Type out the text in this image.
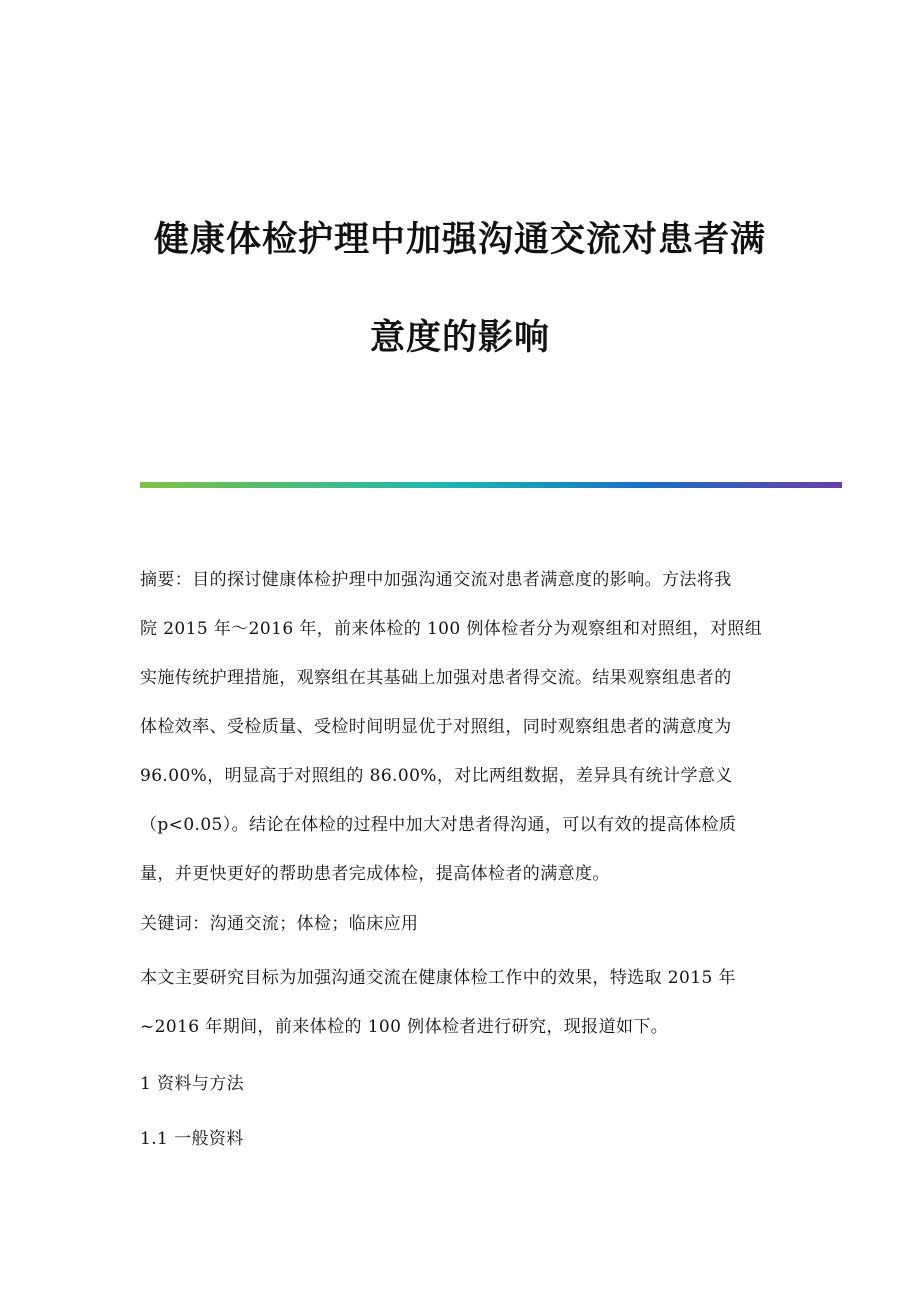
健康体检护理中加强沟通交流对患者满
意度的影响
摘要：目的探讨健康体检护理中加强沟通交流对患者满意度的影响。方法将我
院 2015 年～2016 年，前来体检的 100 例体检者分为观察组和对照组，对照组
实施传统护理措施，观察组在其基础上加强对患者得交流。结果观察组患者的
体检效率、受检质量、受检时间明显优于对照组，同时观察组患者的满意度为
96.00%，明显高于对照组的 86.00%，对比两组数据，差异具有统计学意义
（p<0.05）。结论在体检的过程中加大对患者得沟通，可以有效的提高体检质
量，并更快更好的帮助患者完成体检，提高体检者的满意度。
关键词：沟通交流；体检；临床应用
本文主要研究目标为加强沟通交流在健康体检工作中的效果，特选取 2015 年
~2016 年期间，前来体检的 100 例体检者进行研究，现报道如下。
1 资料与方法
1.1 一般资料
